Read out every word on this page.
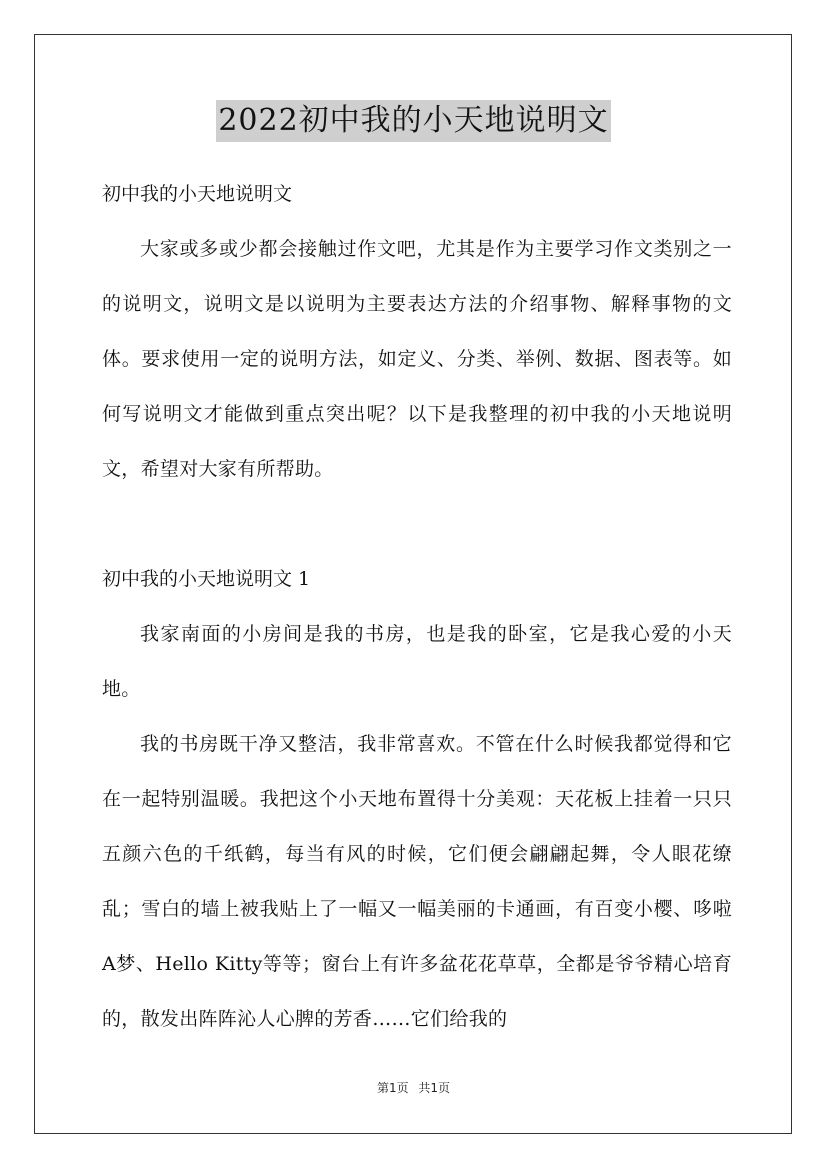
2022初中我的小天地说明文

初中我的小天地说明文

大家或多或少都会接触过作文吧，尤其是作为主要学习作文类别之一的说明文，说明文是以说明为主要表达方法的介绍事物、解释事物的文体。要求使用一定的说明方法，如定义、分类、举例、数据、图表等。如何写说明文才能做到重点突出呢？以下是我整理的初中我的小天地说明文，希望对大家有所帮助。

初中我的小天地说明文 1

我家南面的小房间是我的书房，也是我的卧室，它是我心爱的小天地。

我的书房既干净又整洁，我非常喜欢。不管在什么时候我都觉得和它在一起特别温暖。我把这个小天地布置得十分美观：天花板上挂着一只只五颜六色的千纸鹤，每当有风的时候，它们便会翩翩起舞，令人眼花缭乱；雪白的墙上被我贴上了一幅又一幅美丽的卡通画，有百变小樱、哆啦A梦、Hello Kitty等等；窗台上有许多盆花花草草，全都是爷爷精心培育的，散发出阵阵沁人心脾的芳香……它们给我的

第1页 共1页
